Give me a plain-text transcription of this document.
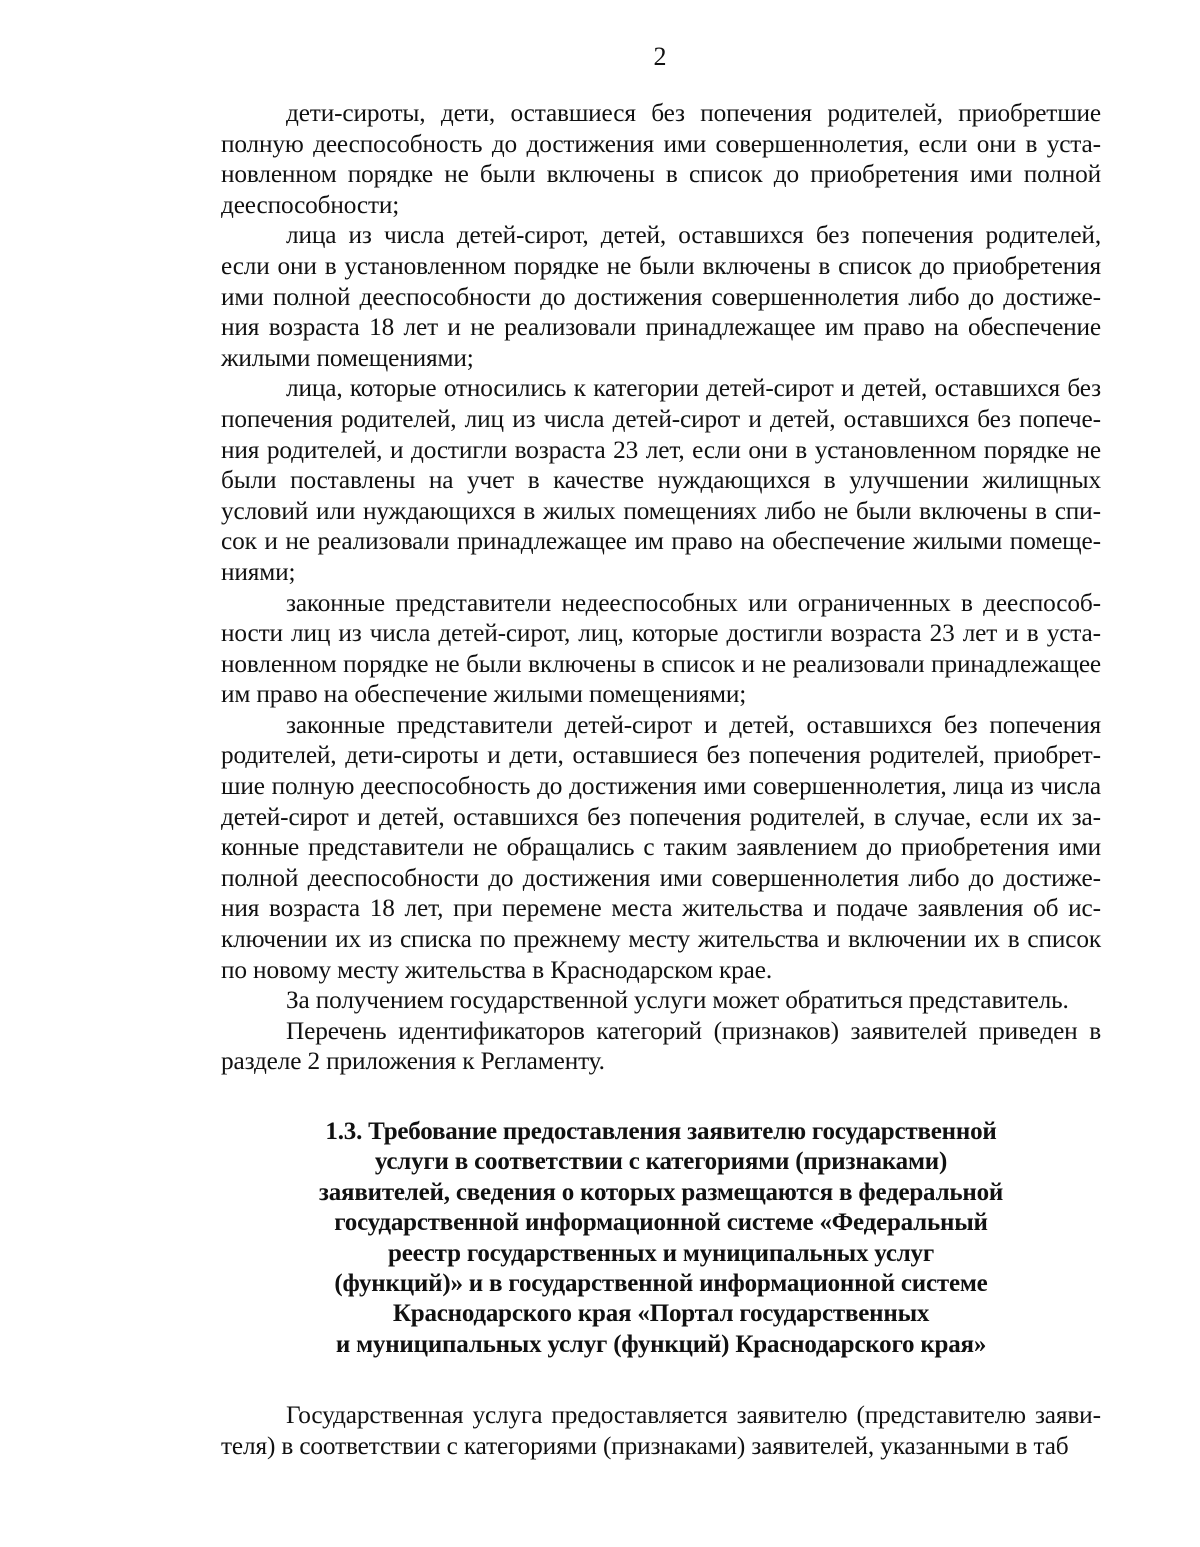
2

дети-сироты, дети, оставшиеся без попечения родителей, приобретшие полную дееспособность до достижения ими совершеннолетия, если они в установленном порядке не были включены в список до приобретения ими полной дееспособности;

лица из числа детей-сирот, детей, оставшихся без попечения родителей, если они в установленном порядке не были включены в список до приобретения ими полной дееспособности до достижения совершеннолетия либо до достижения возраста 18 лет и не реализовали принадлежащее им право на обеспечение жилыми помещениями;

лица, которые относились к категории детей-сирот и детей, оставшихся без попечения родителей, лиц из числа детей-сирот и детей, оставшихся без попечения родителей, и достигли возраста 23 лет, если они в установленном порядке не были поставлены на учет в качестве нуждающихся в улучшении жилищных условий или нуждающихся в жилых помещениях либо не были включены в список и не реализовали принадлежащее им право на обеспечение жилыми помещениями;

законные представители недееспособных или ограниченных в дееспособности лиц из числа детей-сирот, лиц, которые достигли возраста 23 лет и в установленном порядке не были включены в список и не реализовали принадлежащее им право на обеспечение жилыми помещениями;

законные представители детей-сирот и детей, оставшихся без попечения родителей, дети-сироты и дети, оставшиеся без попечения родителей, приобретшие полную дееспособность до достижения ими совершеннолетия, лица из числа детей-сирот и детей, оставшихся без попечения родителей, в случае, если их законные представители не обращались с таким заявлением до приобретения ими полной дееспособности до достижения ими совершеннолетия либо до достижения возраста 18 лет, при перемене места жительства и подаче заявления об исключении их из списка по прежнему месту жительства и включении их в список по новому месту жительства в Краснодарском крае.

За получением государственной услуги может обратиться представитель.

Перечень идентификаторов категорий (признаков) заявителей приведен в разделе 2 приложения к Регламенту.

1.3. Требование предоставления заявителю государственной
услуги в соответствии с категориями (признаками)
заявителей, сведения о которых размещаются в федеральной
государственной информационной системе «Федеральный
реестр государственных и муниципальных услуг
(функций)» и в государственной информационной системе
Краснодарского края «Портал государственных
и муниципальных услуг (функций) Краснодарского края»

Государственная услуга предоставляется заявителю (представителю заявителя) в соответствии с категориями (признаками) заявителей, указанными в таб
